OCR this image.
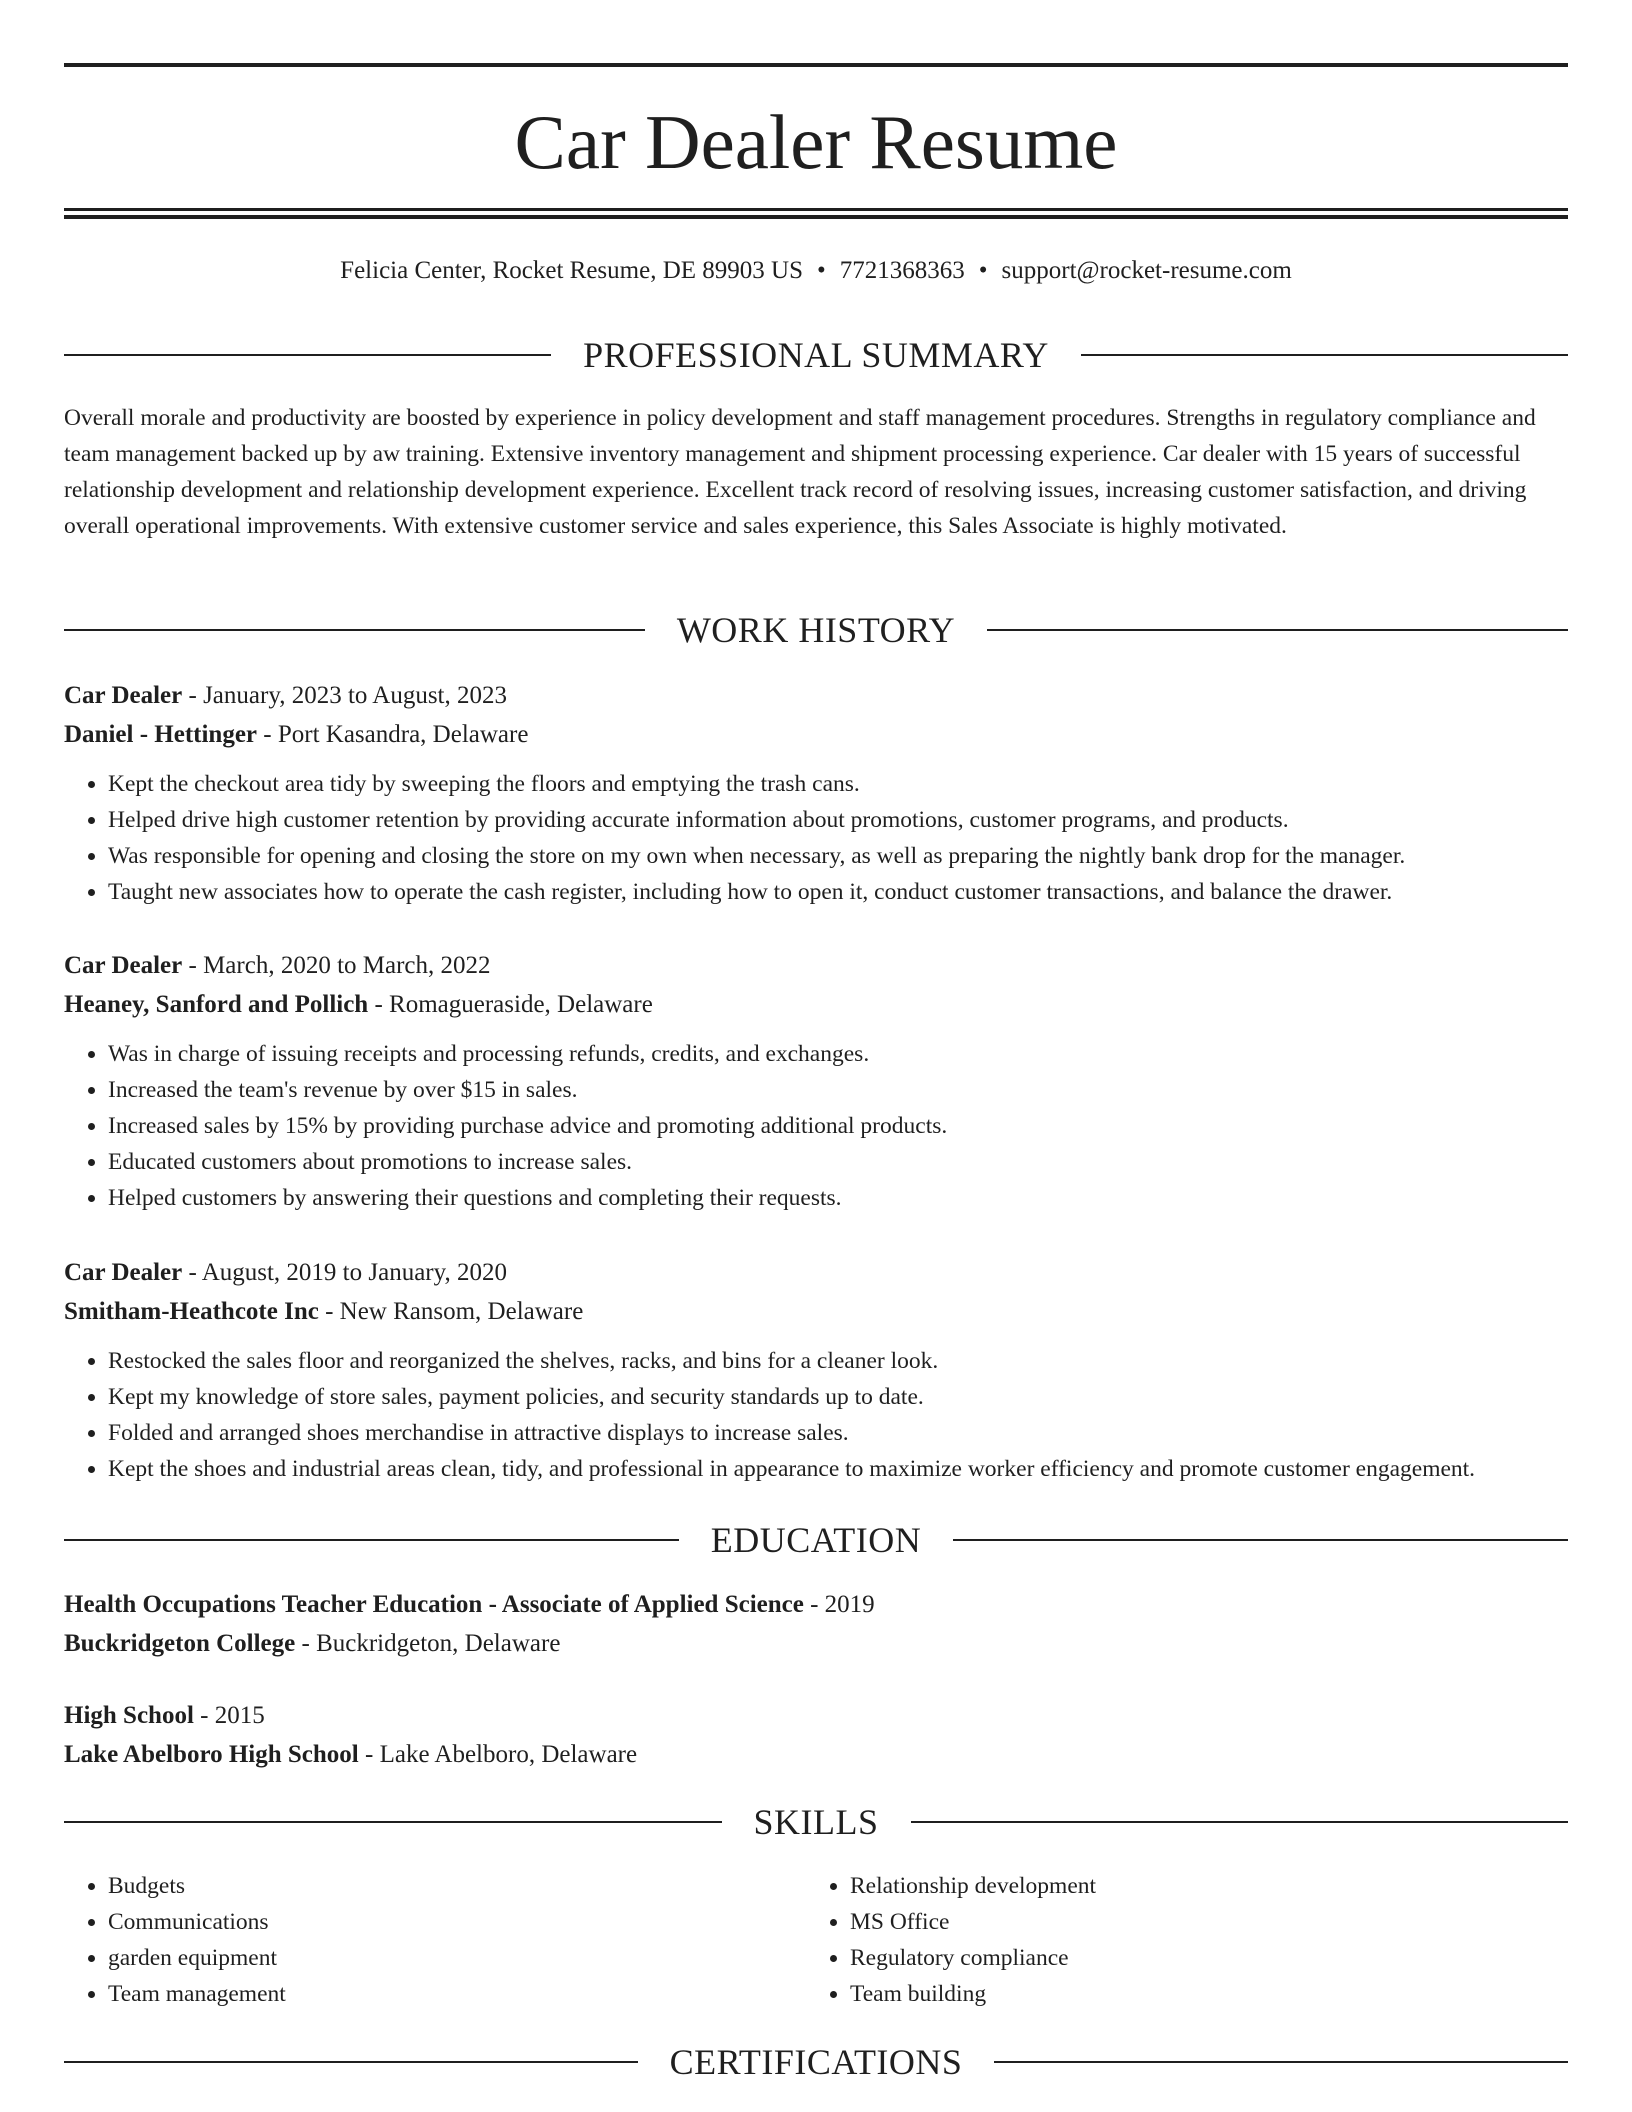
Car Dealer Resume
Felicia Center, Rocket Resume, DE 89903 US • 7721368363 • support@rocket-resume.com
PROFESSIONAL SUMMARY

Overall morale and productivity are boosted by experience in policy development and staff management procedures. Strengths in regulatory compliance and team management backed up by aw training. Extensive inventory management and shipment processing experience. Car dealer with 15 years of successful relationship development and relationship development experience. Excellent track record of resolving issues, increasing customer satisfaction, and driving overall operational improvements. With extensive customer service and sales experience, this Sales Associate is highly motivated.

WORK HISTORY
Car Dealer - January, 2023 to August, 2023
Daniel - Hettinger - Port Kasandra, Delaware
• Kept the checkout area tidy by sweeping the floors and emptying the trash cans.
• Helped drive high customer retention by providing accurate information about promotions, customer programs, and products.
• Was responsible for opening and closing the store on my own when necessary, as well as preparing the nightly bank drop for the manager.
• Taught new associates how to operate the cash register, including how to open it, conduct customer transactions, and balance the drawer.
Car Dealer - March, 2020 to March, 2022
Heaney, Sanford and Pollich - Romagueraside, Delaware
• Was in charge of issuing receipts and processing refunds, credits, and exchanges.
• Increased the team's revenue by over $15 in sales.
• Increased sales by 15% by providing purchase advice and promoting additional products.
• Educated customers about promotions to increase sales.
• Helped customers by answering their questions and completing their requests.
Car Dealer - August, 2019 to January, 2020
Smitham-Heathcote Inc - New Ransom, Delaware
• Restocked the sales floor and reorganized the shelves, racks, and bins for a cleaner look.
• Kept my knowledge of store sales, payment policies, and security standards up to date.
• Folded and arranged shoes merchandise in attractive displays to increase sales.
• Kept the shoes and industrial areas clean, tidy, and professional in appearance to maximize worker efficiency and promote customer engagement.
EDUCATION
Health Occupations Teacher Education - Associate of Applied Science - 2019
Buckridgeton College - Buckridgeton, Delaware
High School - 2015
Lake Abelboro High School - Lake Abelboro, Delaware
SKILLS
• Budgets
• Communications
• garden equipment
• Team management
• Relationship development
• MS Office
• Regulatory compliance
• Team building
CERTIFICATIONS
